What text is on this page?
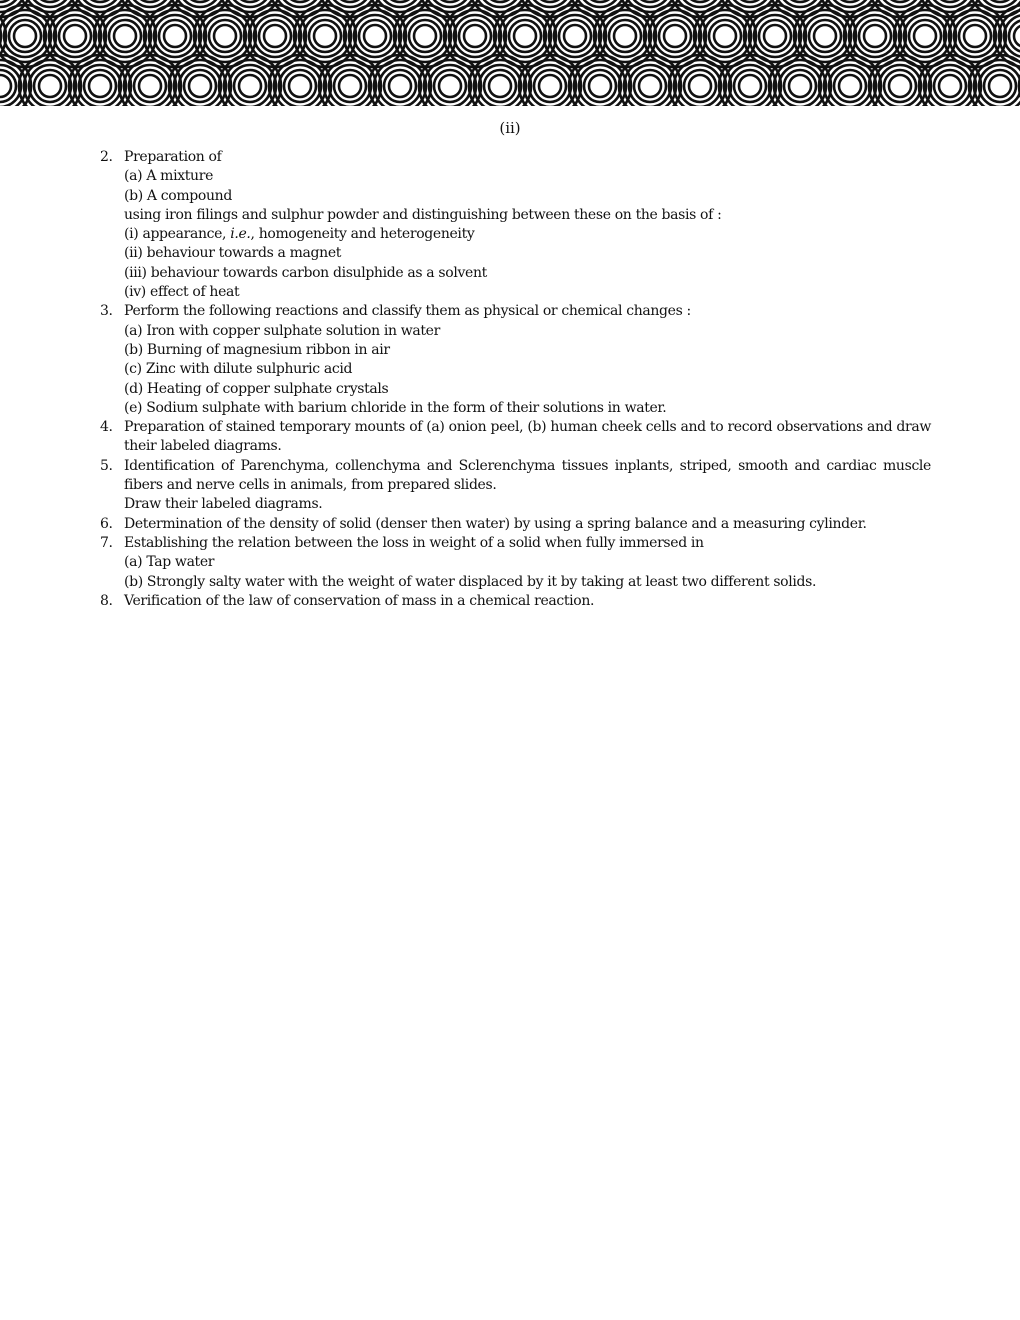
(ii)
2. Preparation of
(a) A mixture
(b) A compound
using iron filings and sulphur powder and distinguishing between these on the basis of :
(i) appearance, i.e., homogeneity and heterogeneity
(ii) behaviour towards a magnet
(iii) behaviour towards carbon disulphide as a solvent
(iv) effect of heat
3. Perform the following reactions and classify them as physical or chemical changes :
(a) Iron with copper sulphate solution in water
(b) Burning of magnesium ribbon in air
(c) Zinc with dilute sulphuric acid
(d) Heating of copper sulphate crystals
(e) Sodium sulphate with barium chloride in the form of their solutions in water.
4. Preparation of stained temporary mounts of (a) onion peel, (b) human cheek cells and to record observations and draw their labeled diagrams.
5. Identification of Parenchyma, collenchyma and Sclerenchyma tissues inplants, striped, smooth and cardiac muscle fibers and nerve cells in animals, from prepared slides.
Draw their labeled diagrams.
6. Determination of the density of solid (denser then water) by using a spring balance and a measuring cylinder.
7. Establishing the relation between the loss in weight of a solid when fully immersed in
(a) Tap water
(b) Strongly salty water with the weight of water displaced by it by taking at least two different solids.
8. Verification of the law of conservation of mass in a chemical reaction.
